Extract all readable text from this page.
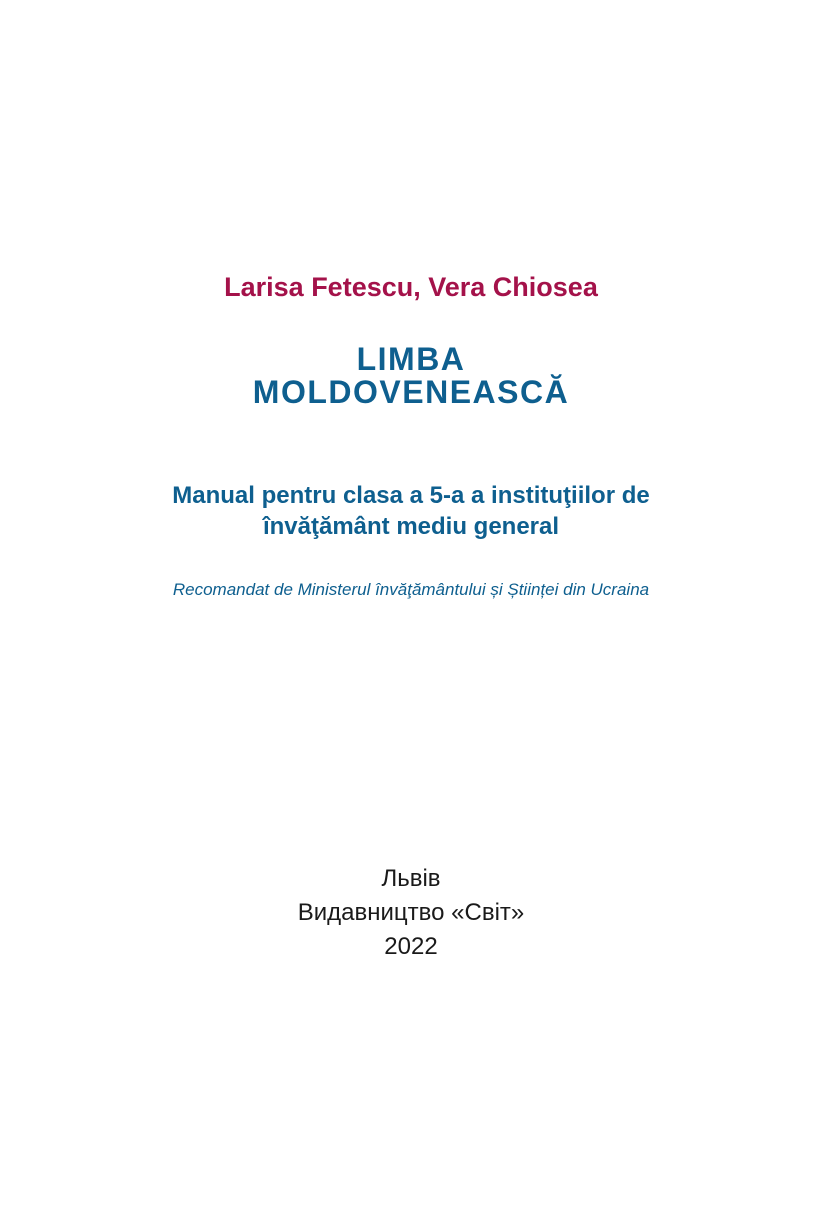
Larisa Fetescu, Vera Chiosea
LIMBA
MOLDOVENEASCĂ
Manual pentru clasa a 5-a a instituţiilor de
învăţământ mediu general
Recomandat de Ministerul învăţământului și Științei din Ucraina
Львів
Видавництво «Світ»
2022
